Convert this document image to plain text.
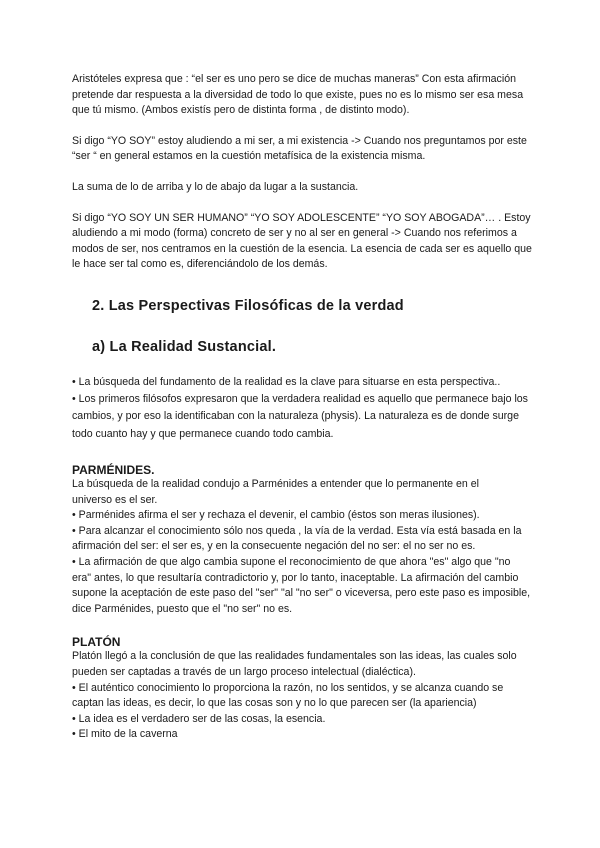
Aristóteles expresa que : “el ser es uno pero se dice de muchas maneras” Con esta afirmación pretende dar respuesta a la diversidad de todo lo que existe, pues no es lo mismo ser esa mesa que tú mismo. (Ambos existís pero de distinta forma , de distinto modo).

Si digo “YO SOY” estoy aludiendo a mi ser, a mi existencia -> Cuando nos preguntamos por este “ser “ en general estamos en la cuestión metafísica de la existencia misma.

La suma de lo de arriba y lo de abajo da lugar a la sustancia.

Si digo “YO SOY UN SER HUMANO” “YO SOY ADOLESCENTE” “YO SOY ABOGADA”… . Estoy aludiendo a mi modo (forma) concreto de ser y no al ser en general -> Cuando nos referimos a modos de ser, nos centramos en la cuestión de la esencia. La esencia de cada ser es aquello que le hace ser tal como es, diferenciándolo de los demás.

2. Las Perspectivas Filosóficas de la verdad
a) La Realidad Sustancial.

• La búsqueda del fundamento de la realidad es la clave para situarse en esta perspectiva..

• Los primeros filósofos expresaron que la verdadera realidad es aquello que permanece bajo los cambios, y por eso la identificaban con la naturaleza (physis). La naturaleza es de donde surge todo cuanto hay y que permanece cuando todo cambia.

PARMÉNIDES.

La búsqueda de la realidad condujo a Parménides a entender que lo permanente en el universo es el ser.

• Parménides afirma el ser y rechaza el devenir, el cambio (éstos son meras ilusiones).

• Para alcanzar el conocimiento sólo nos queda , la vía de la verdad. Esta vía está basada en la afirmación del ser: el ser es, y en la consecuente negación del no ser: el no ser no es.

• La afirmación de que algo cambia supone el reconocimiento de que ahora "es" algo que "no era" antes, lo que resultaría contradictorio y, por lo tanto, inaceptable. La afirmación del cambio supone la aceptación de este paso del "ser" "al "no ser" o viceversa, pero este paso es imposible, dice Parménides, puesto que el "no ser" no es.

PLATÓN

Platón llegó a la conclusión de que las realidades fundamentales son las ideas, las cuales solo pueden ser captadas a través de un largo proceso intelectual (dialéctica).

• El auténtico conocimiento lo proporciona la razón, no los sentidos, y se alcanza cuando se captan las ideas, es decir, lo que las cosas son y no lo que parecen ser (la apariencia)

• La idea es el verdadero ser de las cosas, la esencia.

• El mito de la caverna
